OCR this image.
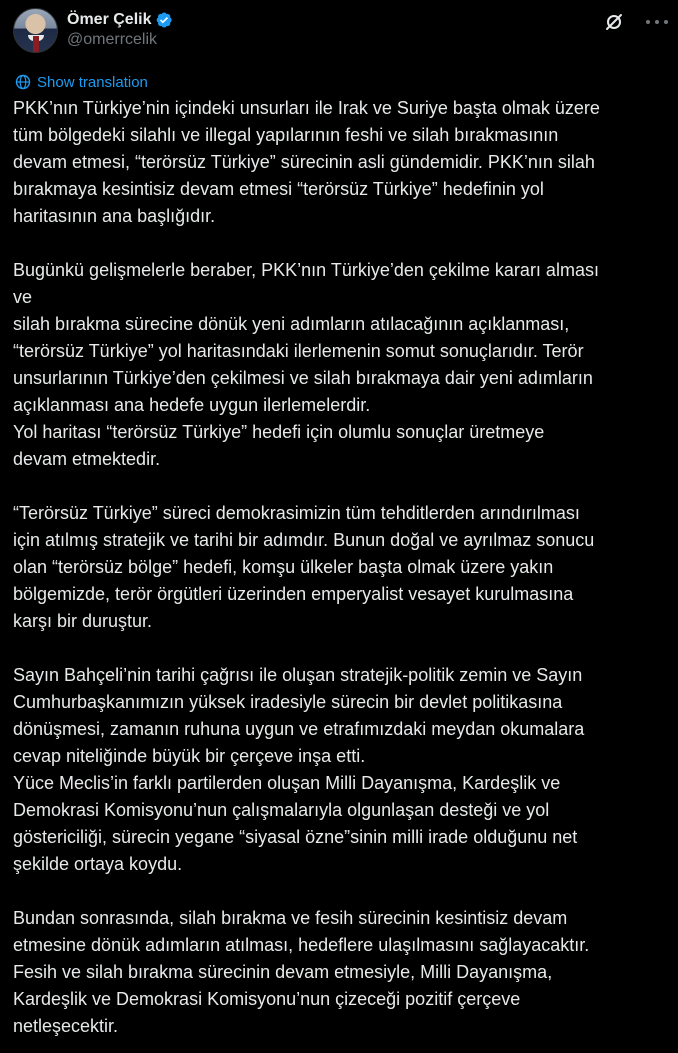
Ömer Çelik
@omerrcelik
Show translation
PKK’nın Türkiye’nin içindeki unsurları ile Irak ve Suriye başta olmak üzere
tüm bölgedeki silahlı ve illegal yapılarının feshi ve silah bırakmasının
devam etmesi, “terörsüz Türkiye” sürecinin asli gündemidir. PKK’nın silah
bırakmaya kesintisiz devam etmesi “terörsüz Türkiye” hedefinin yol
haritasının ana başlığıdır.
Bugünkü gelişmelerle beraber, PKK’nın Türkiye’den çekilme kararı alması
ve
silah bırakma sürecine dönük yeni adımların atılacağının açıklanması,
“terörsüz Türkiye” yol haritasındaki ilerlemenin somut sonuçlarıdır. Terör
unsurlarının Türkiye’den çekilmesi ve silah bırakmaya dair yeni adımların
açıklanması ana hedefe uygun ilerlemelerdir.
Yol haritası “terörsüz Türkiye” hedefi için olumlu sonuçlar üretmeye
devam etmektedir.
“Terörsüz Türkiye” süreci demokrasimizin tüm tehditlerden arındırılması
için atılmış stratejik ve tarihi bir adımdır. Bunun doğal ve ayrılmaz sonucu
olan “terörsüz bölge” hedefi, komşu ülkeler başta olmak üzere yakın
bölgemizde, terör örgütleri üzerinden emperyalist vesayet kurulmasına
karşı bir duruştur.
Sayın Bahçeli’nin tarihi çağrısı ile oluşan stratejik-politik zemin ve Sayın
Cumhurbaşkanımızın yüksek iradesiyle sürecin bir devlet politikasına
dönüşmesi, zamanın ruhuna uygun ve etrafımızdaki meydan okumalara
cevap niteliğinde büyük bir çerçeve inşa etti.
Yüce Meclis’in farklı partilerden oluşan Milli Dayanışma, Kardeşlik ve
Demokrasi Komisyonu’nun çalışmalarıyla olgunlaşan desteği ve yol
göstericiliği, sürecin yegane “siyasal özne”sinin milli irade olduğunu net
şekilde ortaya koydu.
Bundan sonrasında, silah bırakma ve fesih sürecinin kesintisiz devam
etmesine dönük adımların atılması, hedeflere ulaşılmasını sağlayacaktır.
Fesih ve silah bırakma sürecinin devam etmesiyle, Milli Dayanışma,
Kardeşlik ve Demokrasi Komisyonu’nun çizeceği pozitif çerçeve
netleşecektir.
